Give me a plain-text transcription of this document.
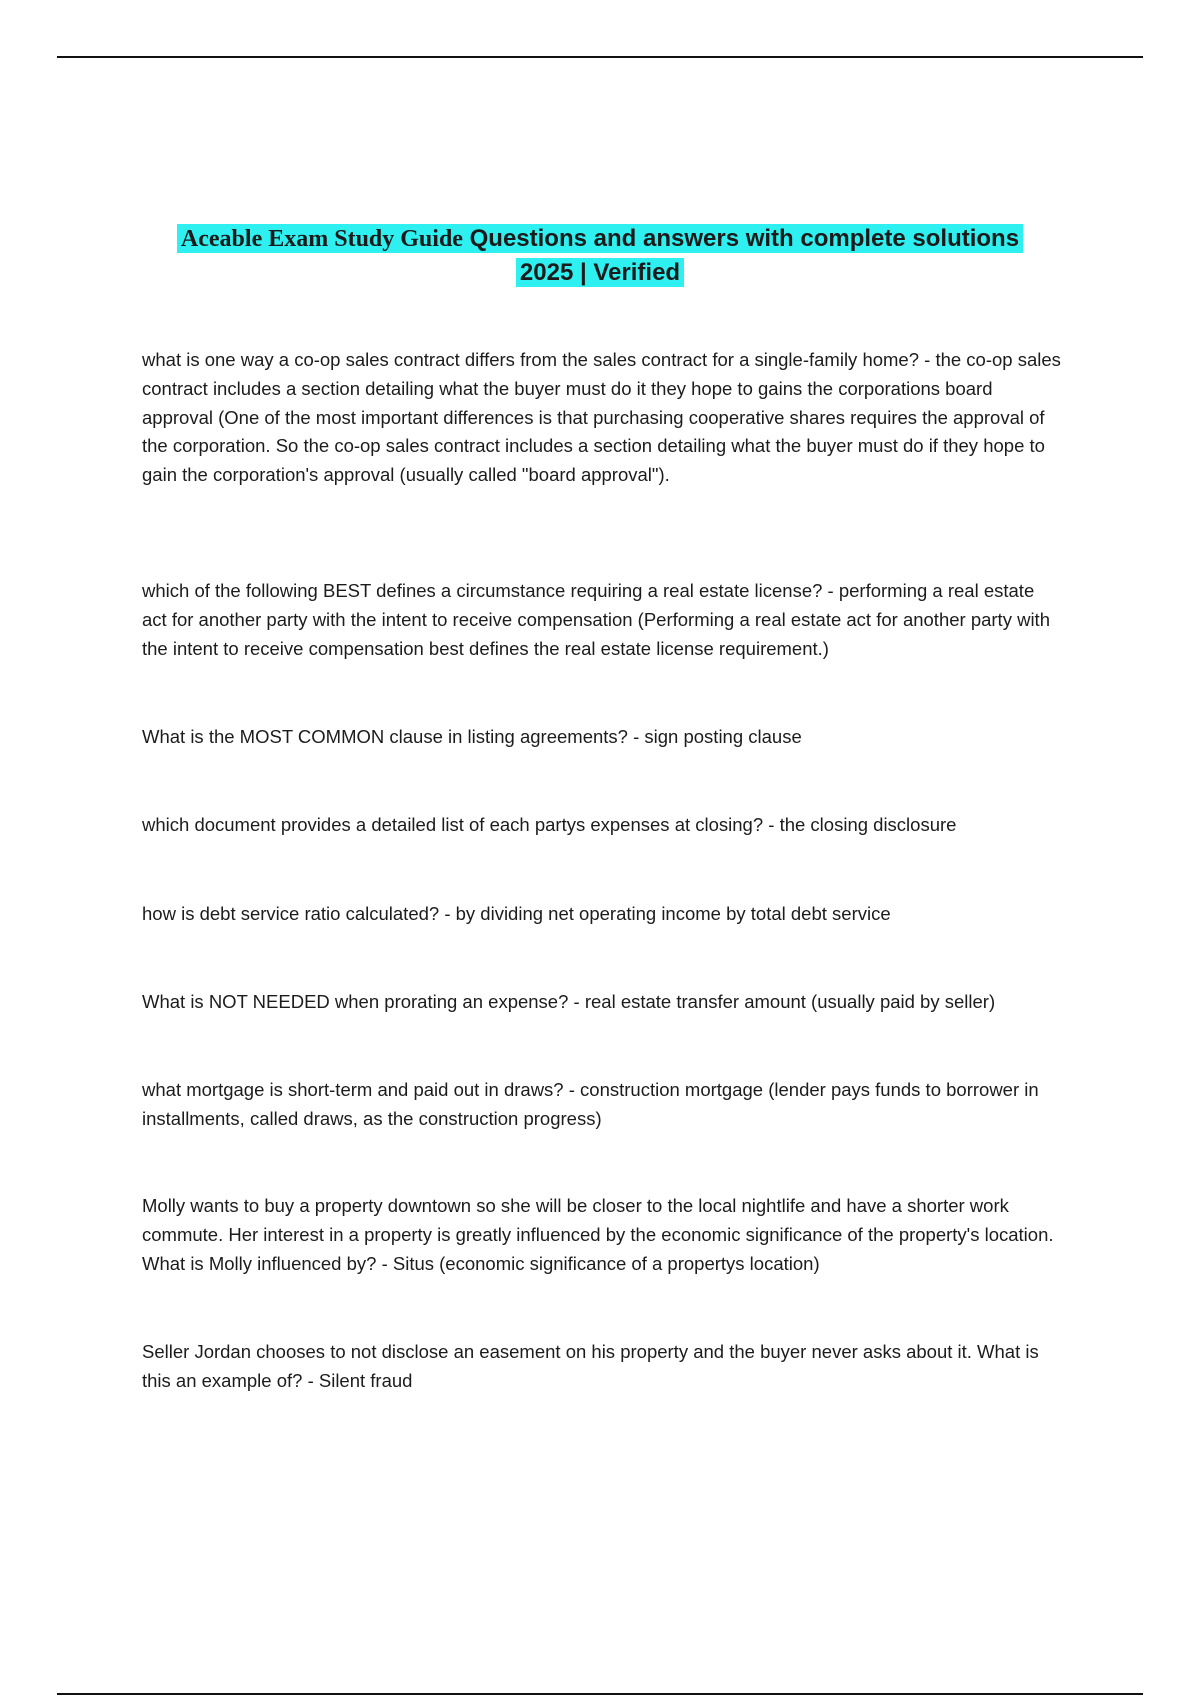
Aceable Exam Study Guide Questions and answers with complete solutions
2025 | Verified

what is one way a co-op sales contract differs from the sales contract for a single-family home? - the co-op sales contract includes a section detailing what the buyer must do it they hope to gains the corporations board approval (One of the most important differences is that purchasing cooperative shares requires the approval of the corporation. So the co-op sales contract includes a section detailing what the buyer must do if they hope to gain the corporation's approval (usually called "board approval").

which of the following BEST defines a circumstance requiring a real estate license? - performing a real estate act for another party with the intent to receive compensation (Performing a real estate act for another party with the intent to receive compensation best defines the real estate license requirement.)

What is the MOST COMMON clause in listing agreements? - sign posting clause

which document provides a detailed list of each partys expenses at closing? - the closing disclosure

how is debt service ratio calculated? - by dividing net operating income by total debt service

What is NOT NEEDED when prorating an expense? - real estate transfer amount (usually paid by seller)

what mortgage is short-term and paid out in draws? - construction mortgage (lender pays funds to borrower in installments, called draws, as the construction progress)

Molly wants to buy a property downtown so she will be closer to the local nightlife and have a shorter work commute. Her interest in a property is greatly influenced by the economic significance of the property's location. What is Molly influenced by? - Situs (economic significance of a propertys location)

Seller Jordan chooses to not disclose an easement on his property and the buyer never asks about it. What is this an example of? - Silent fraud
